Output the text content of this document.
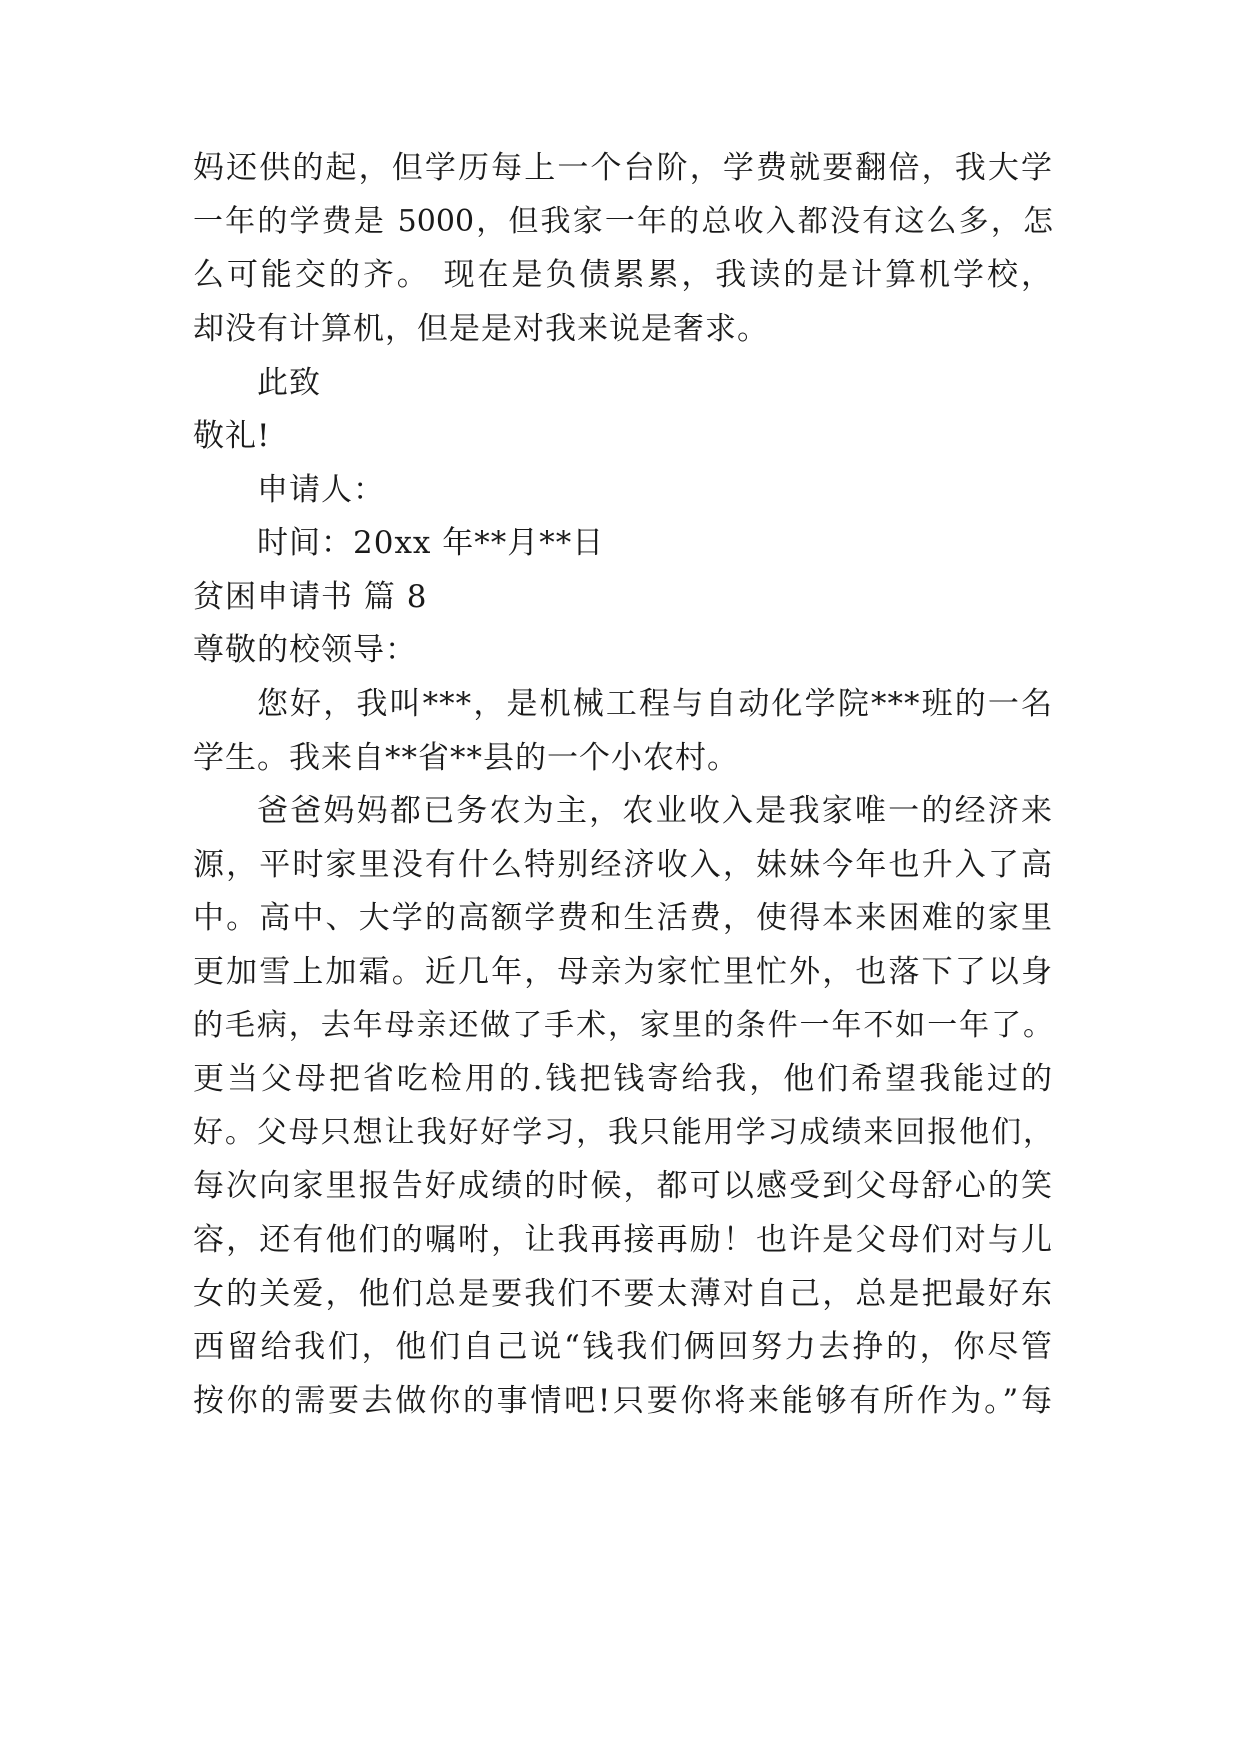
妈还供的起，但学历每上一个台阶，学费就要翻倍，我大学
一年的学费是 5000，但我家一年的总收入都没有这么多，怎
么可能交的齐。 现在是负债累累，我读的是计算机学校，
却没有计算机，但是是对我来说是奢求。
此致
敬礼!
申请人：
时间：20xx 年**月**日
贫困申请书 篇 8
尊敬的校领导：
您好，我叫***，是机械工程与自动化学院***班的一名
学生。我来自**省**县的一个小农村。
爸爸妈妈都已务农为主，农业收入是我家唯一的经济来
源，平时家里没有什么特别经济收入，妹妹今年也升入了高
中。高中、大学的高额学费和生活费，使得本来困难的家里
更加雪上加霜。近几年，母亲为家忙里忙外，也落下了以身
的毛病，去年母亲还做了手术，家里的条件一年不如一年了。
更当父母把省吃检用的.钱把钱寄给我，他们希望我能过的
好。父母只想让我好好学习，我只能用学习成绩来回报他们，
每次向家里报告好成绩的时候，都可以感受到父母舒心的笑
容，还有他们的嘱咐，让我再接再励！也许是父母们对与儿
女的关爱，他们总是要我们不要太薄对自己，总是把最好东
西留给我们，他们自己说“钱我们俩回努力去挣的，你尽管
按你的需要去做你的事情吧!只要你将来能够有所作为。”每
